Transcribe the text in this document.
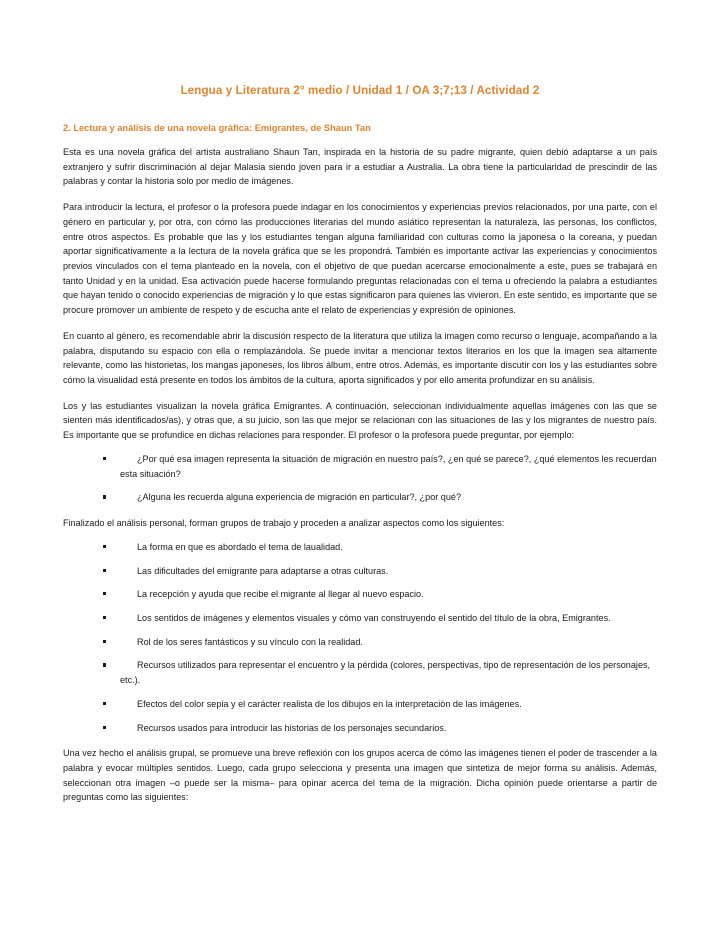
Lengua y Literatura 2° medio / Unidad 1 / OA 3;7;13 / Actividad 2
2. Lectura y análisis de una novela gráfica: Emigrantes, de Shaun Tan

Esta es una novela gráfica del artista australiano Shaun Tan, inspirada en la historia de su padre migrante, quien debió adaptarse a un país extranjero y sufrir discriminación al dejar Malasia siendo joven para ir a estudiar a Australia. La obra tiene la particularidad de prescindir de las palabras y contar la historia solo por medio de imágenes.

Para introducir la lectura, el profesor o la profesora puede indagar en los conocimientos y experiencias previos relacionados, por una parte, con el género en particular y, por otra, con cómo las producciones literarias del mundo asiático representan la naturaleza, las personas, los conflictos, entre otros aspectos. Es probable que las y los estudiantes tengan alguna familiaridad con culturas como la japonesa o la coreana, y puedan aportar significativamente a la lectura de la novela gráfica que se les propondrá. También es importante activar las experiencias y conocimientos previos vinculados con el tema planteado en la novela, con el objetivo de que puedan acercarse emocionalmente a este, pues se trabajará en tanto Unidad y en la unidad. Esa activación puede hacerse formulando preguntas relacionadas con el tema u ofreciendo la palabra a estudiantes que hayan tenido o conocido experiencias de migración y lo que estas significaron para quienes las vivieron. En este sentido, es importante que se procure promover un ambiente de respeto y de escucha ante el relato de experiencias y expresión de opiniones.

En cuanto al género, es recomendable abrir la discusión respecto de la literatura que utiliza la imagen como recurso o lenguaje, acompañando a la palabra, disputando su espacio con ella o remplazándola. Se puede invitar a mencionar textos literarios en los que la imagen sea altamente relevante, como las historietas, los mangas japoneses, los libros álbum, entre otros. Además, es importante discutir con los y las estudiantes sobre cómo la visualidad está presente en todos los ámbitos de la cultura, aporta significados y por ello amerita profundizar en su análisis.

Los y las estudiantes visualizan la novela gráfica Emigrantes. A continuación, seleccionan individualmente aquellas imágenes con las que se sienten más identificados/as), y otras que, a su juicio, son las que mejor se relacionan con las situaciones de las y los migrantes de nuestro país. Es importante que se profundice en dichas relaciones para responder. El profesor o la profesora puede preguntar, por ejemplo:

¿Por qué esa imagen representa la situación de migración en nuestro país?, ¿en qué se parece?, ¿qué elementos les recuerdan esta situación?
¿Alguna les recuerda alguna experiencia de migración en particular?, ¿por qué?

Finalizado el análisis personal, forman grupos de trabajo y proceden a analizar aspectos como los siguientes:

La forma en que es abordado el tema de laualidad.
Las dificultades del emigrante para adaptarse a otras culturas.
La recepción y ayuda que recibe el migrante al llegar al nuevo espacio.
Los sentidos de imágenes y elementos visuales y cómo van construyendo el sentido del título de la obra, Emigrantes.
Rol de los seres fantásticos y su vínculo con la realidad.
Recursos utilizados para representar el encuentro y la pérdida (colores, perspectivas, tipo de representación de los personajes, etc.).
Efectos del color sepia y el carácter realista de los dibujos en la interpretación de las imágenes.
Recursos usados para introducir las historias de los personajes secundarios.

Una vez hecho el análisis grupal, se promueve una breve reflexión con los grupos acerca de cómo las imágenes tienen el poder de trascender a la palabra y evocar múltiples sentidos. Luego, cada grupo selecciona y presenta una imagen que sintetiza de mejor forma su análisis. Además, seleccionan otra imagen –o puede ser la misma– para opinar acerca del tema de la migración. Dicha opinión puede orientarse a partir de preguntas como las siguientes:
